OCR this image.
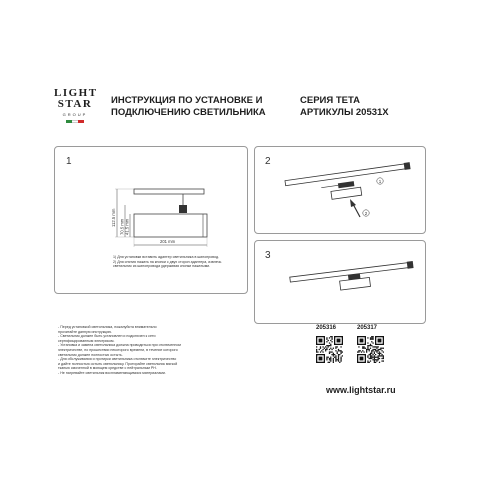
LIGHT
STAR
GROUP
ИНСТРУКЦИЯ ПО УСТАНОВКЕ И
ПОДКЛЮЧЕНИЮ СВЕТИЛЬНИКА
СЕРИЯ TETA
АРТИКУЛЫ 20531X
1
112.5 mm 70.5 mm 41.5 mm
201 mm
1) Для установки вставить адаптер светильника в шинопровод.
2) Для снятия нажать на кнопки с двух сторон адаптера, извлечь
светильник из шинопровода удерживая кнопки нажатыми.
2
1
2
3
- Перед установкой светильника, пожалуйста внимательно
прочитайте данную инструкцию.
- Светильник должен быть установлен и подключен к сети
сертифицированным электриком.
- Установка и замена светильника должна проводиться при отключенном
электричестве, по прошествии некоторого времени, в течение которого
светильник должен полностью остыть.
- Для обслуживания и протирки светильника отключите электричество
и дайте полностью остыть светильнику. Протирайте светильник мягкой
тканью смоченной в моющем средстве с нейтральным PH.
- Не нагревайте светильник воспламеняющимися материалами.
205316	205317
www.lightstar.ru
